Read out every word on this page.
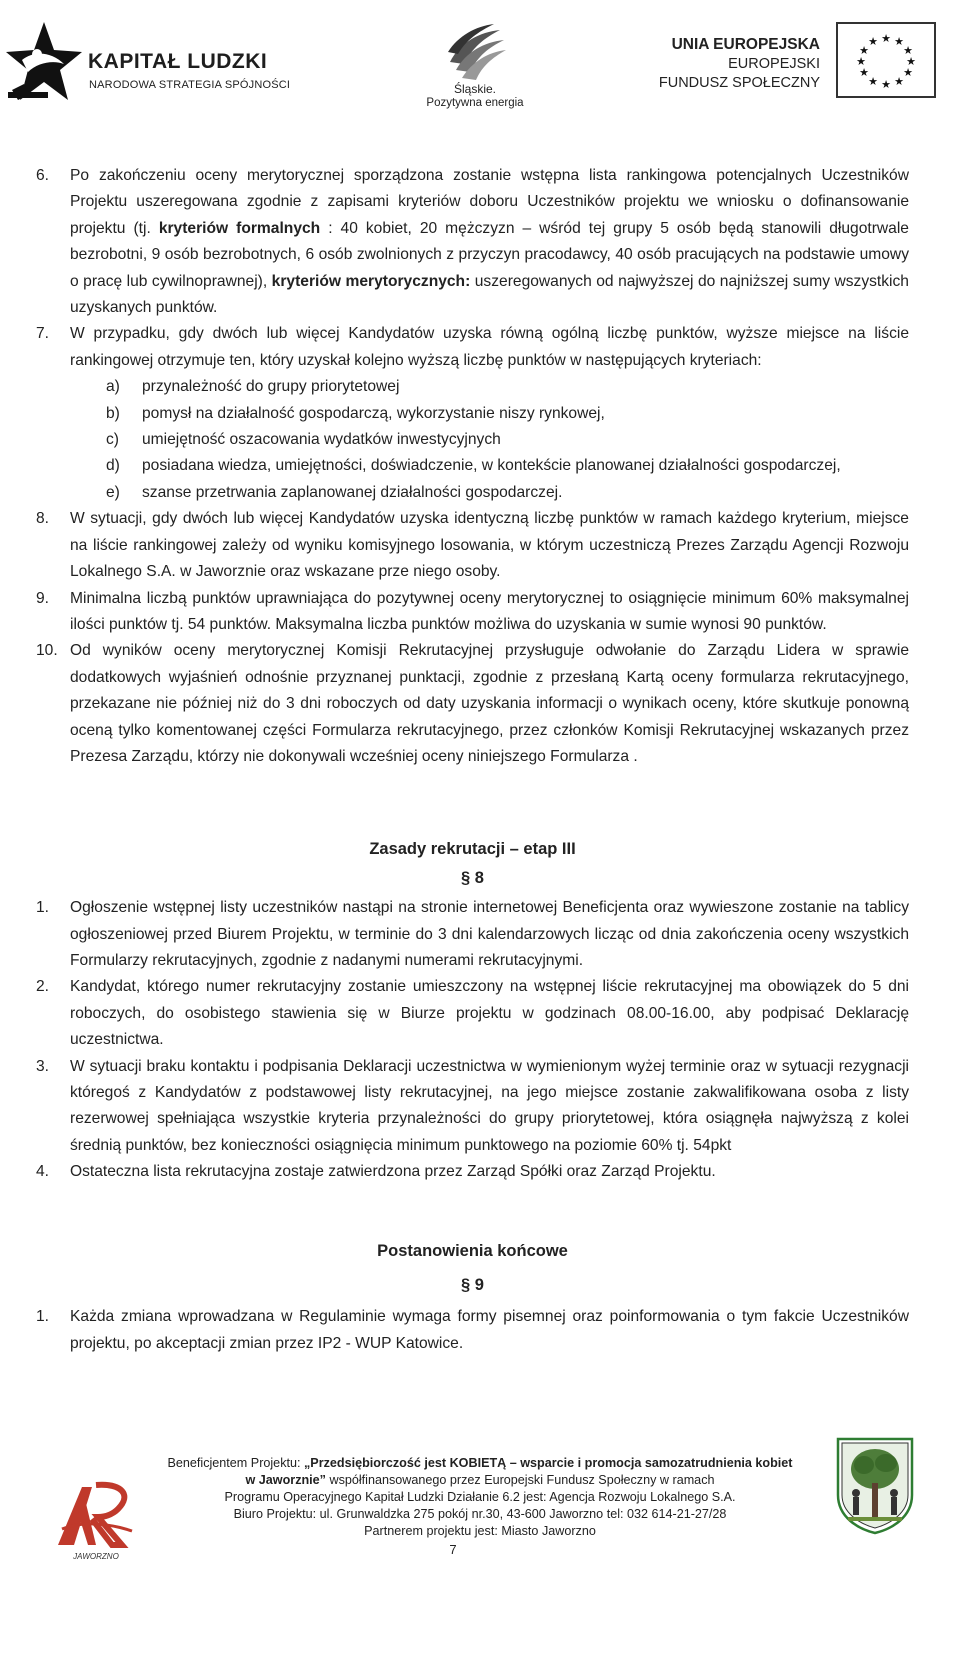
KAPITAŁ LUDZKI
NARODOWA STRATEGIA SPÓJNOŚCI	Śląskie.
Pozytywna energia
UNIA EUROPEJSKA
EUROPEJSKI
FUNDUSZ SPOŁECZNY
★ ★
★
★
★
★
★
★
★
★
★
★
6. Po zakończeniu oceny merytorycznej sporządzona zostanie wstępna lista rankingowa potencjalnych Uczestników Projektu uszeregowana zgodnie z zapisami kryteriów doboru Uczestników projektu we wniosku o dofinansowanie projektu (tj. kryteriów formalnych : 40 kobiet, 20 mężczyzn – wśród tej grupy 5 osób będą stanowili długotrwale bezrobotni, 9 osób bezrobotnych, 6 osób zwolnionych z przyczyn pracodawcy, 40 osób pracujących na podstawie umowy o pracę lub cywilnoprawnej), kryteriów merytorycznych: uszeregowanych od najwyższej do najniższej sumy wszystkich uzyskanych punktów.
7. W przypadku, gdy dwóch lub więcej Kandydatów uzyska równą ogólną liczbę punktów, wyższe miejsce na liście rankingowej otrzymuje ten, który uzyskał kolejno wyższą liczbę punktów w następujących kryteriach:
a)	przynależność do grupy priorytetowej
b)	pomysł na działalność gospodarczą, wykorzystanie niszy rynkowej,
c)	umiejętność oszacowania wydatków inwestycyjnych
d)	posiadana wiedza, umiejętności, doświadczenie, w kontekście planowanej działalności gospodarczej,
e)	szanse przetrwania zaplanowanej działalności gospodarczej.
8. W sytuacji, gdy dwóch lub więcej Kandydatów uzyska identyczną liczbę punktów w ramach każdego kryterium, miejsce na liście rankingowej zależy od wyniku komisyjnego losowania, w którym uczestniczą Prezes Zarządu Agencji Rozwoju Lokalnego S.A. w Jaworznie oraz wskazane prze niego osoby.
9. Minimalna liczbą punktów uprawniająca do pozytywnej oceny merytorycznej to osiągnięcie minimum 60% maksymalnej ilości punktów tj. 54 punktów. Maksymalna liczba punktów możliwa do uzyskania w sumie wynosi 90 punktów.
10. Od wyników oceny merytorycznej Komisji Rekrutacyjnej przysługuje odwołanie do Zarządu Lidera w sprawie dodatkowych wyjaśnień odnośnie przyznanej punktacji, zgodnie z przesłaną Kartą oceny formularza rekrutacyjnego, przekazane nie później niż do 3 dni roboczych od daty uzyskania informacji o wynikach oceny, które skutkuje ponowną oceną tylko komentowanej części Formularza rekrutacyjnego, przez członków Komisji Rekrutacyjnej wskazanych przez Prezesa Zarządu, którzy nie dokonywali wcześniej oceny niniejszego Formularza .
Zasady rekrutacji – etap III
§ 8
1. Ogłoszenie wstępnej listy uczestników nastąpi na stronie internetowej Beneficjenta oraz wywieszone zostanie na tablicy ogłoszeniowej przed Biurem Projektu, w terminie do 3 dni kalendarzowych licząc od dnia zakończenia oceny wszystkich Formularzy rekrutacyjnych, zgodnie z nadanymi numerami rekrutacyjnymi.
2. Kandydat, którego numer rekrutacyjny zostanie umieszczony na wstępnej liście rekrutacyjnej ma obowiązek do 5 dni roboczych, do osobistego stawienia się w Biurze projektu w godzinach 08.00-16.00, aby podpisać Deklarację uczestnictwa.
3. W sytuacji braku kontaktu i podpisania Deklaracji uczestnictwa w wymienionym wyżej terminie oraz w sytuacji rezygnacji któregoś z Kandydatów z podstawowej listy rekrutacyjnej, na jego miejsce zostanie zakwalifikowana osoba z listy rezerwowej spełniająca wszystkie kryteria przynależności do grupy priorytetowej, która osiągnęła najwyższą z kolei średnią punktów, bez konieczności osiągnięcia minimum punktowego na poziomie 60% tj. 54pkt
4. Ostateczna lista rekrutacyjna zostaje zatwierdzona przez Zarząd Spółki oraz Zarząd Projektu.
Postanowienia końcowe
§ 9
1. Każda zmiana wprowadzana w Regulaminie wymaga formy pisemnej oraz poinformowania o tym fakcie Uczestników projektu, po akceptacji zmian przez IP2 - WUP Katowice.
JAWORZNO
Beneficjentem Projektu: „Przedsiębiorczość jest KOBIETĄ – wsparcie i promocja samozatrudnienia kobiet
w Jaworznie” współfinansowanego przez Europejski Fundusz Społeczny w ramach
Programu Operacyjnego Kapitał Ludzki Działanie 6.2 jest: Agencja Rozwoju Lokalnego S.A.
Biuro Projektu: ul. Grunwaldzka 275 pokój nr.30, 43-600 Jaworzno tel: 032 614-21-27/28
Partnerem projektu jest: Miasto Jaworzno
7
